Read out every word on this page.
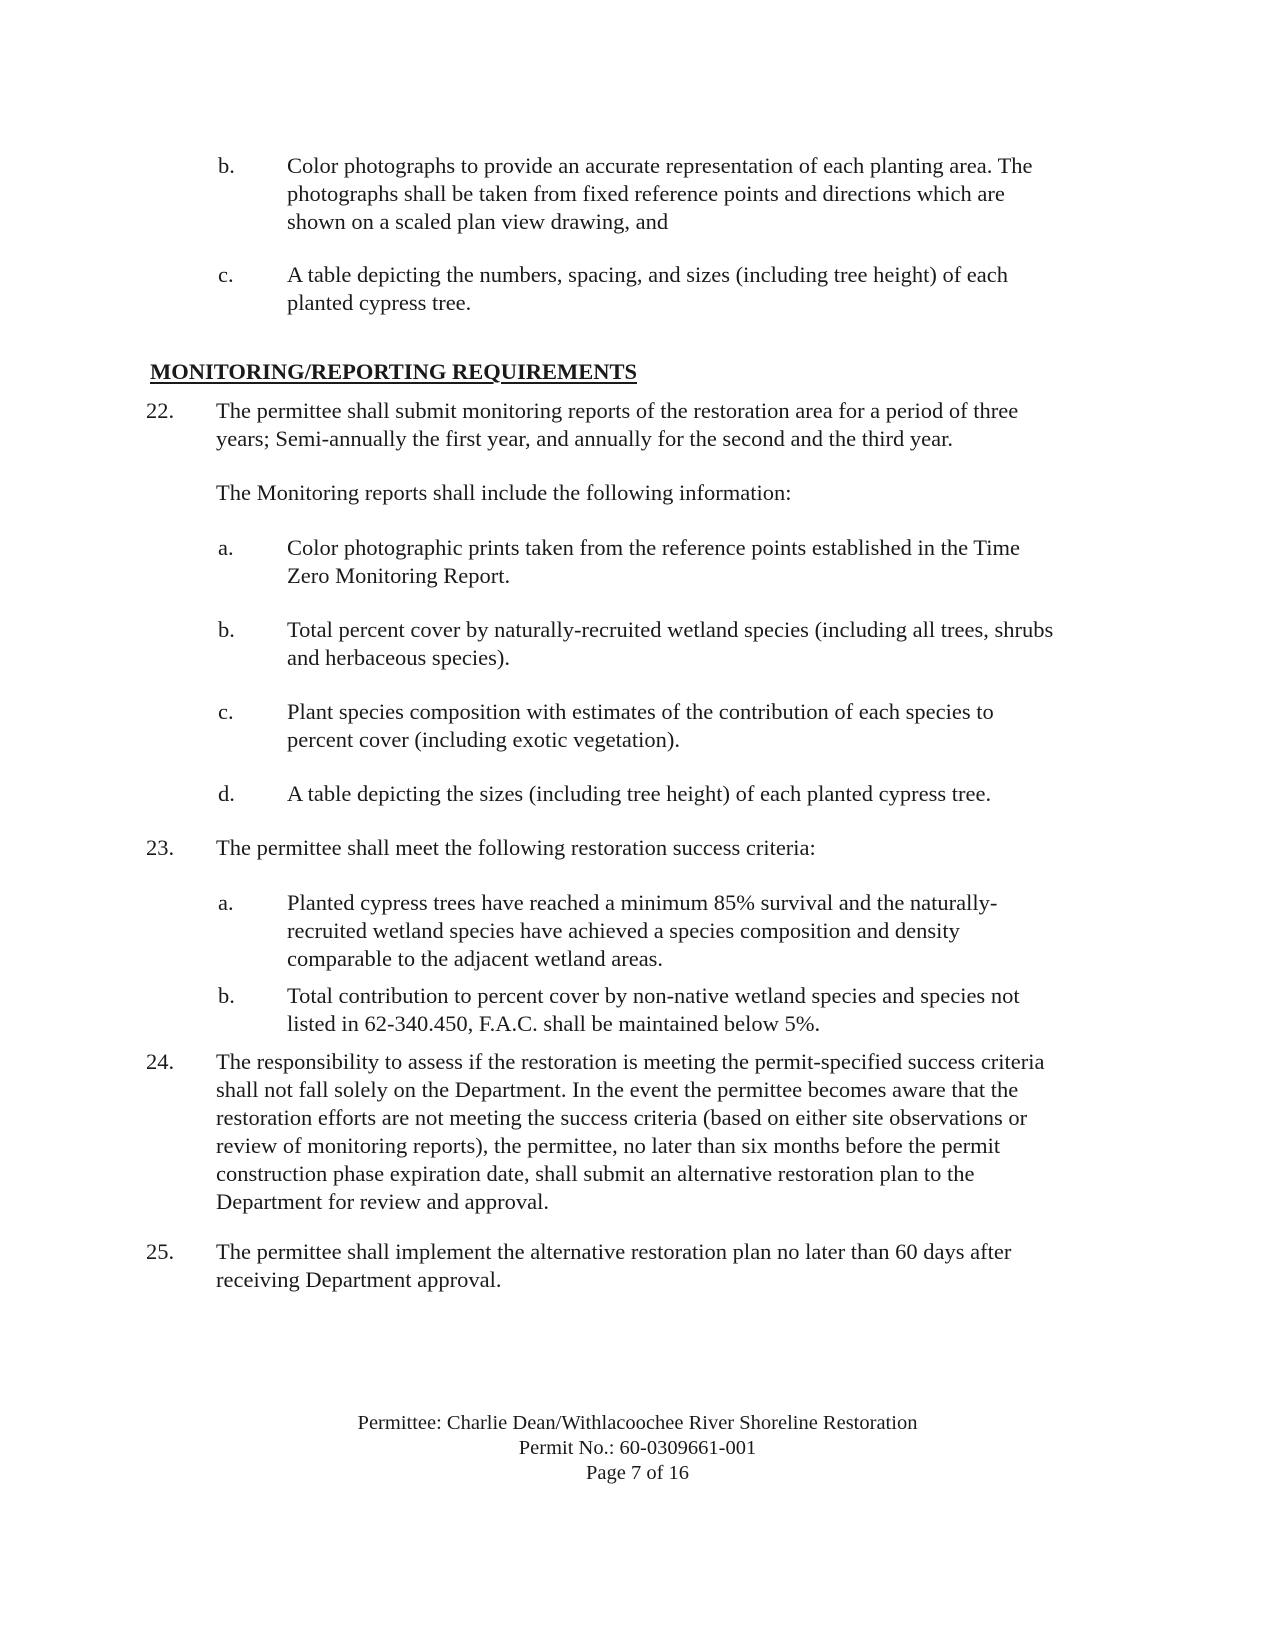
b. Color photographs to provide an accurate representation of each planting area. The photographs shall be taken from fixed reference points and directions which are shown on a scaled plan view drawing, and
c. A table depicting the numbers, spacing, and sizes (including tree height) of each planted cypress tree.
MONITORING/REPORTING REQUIREMENTS
22. The permittee shall submit monitoring reports of the restoration area for a period of three years; Semi-annually the first year, and annually for the second and the third year.
The Monitoring reports shall include the following information:
a. Color photographic prints taken from the reference points established in the Time Zero Monitoring Report.
b. Total percent cover by naturally-recruited wetland species (including all trees, shrubs and herbaceous species).
c. Plant species composition with estimates of the contribution of each species to percent cover (including exotic vegetation).
d. A table depicting the sizes (including tree height) of each planted cypress tree.
23. The permittee shall meet the following restoration success criteria:
a. Planted cypress trees have reached a minimum 85% survival and the naturally-recruited wetland species have achieved a species composition and density comparable to the adjacent wetland areas.
b. Total contribution to percent cover by non-native wetland species and species not listed in 62-340.450, F.A.C. shall be maintained below 5%.
24. The responsibility to assess if the restoration is meeting the permit-specified success criteria shall not fall solely on the Department. In the event the permittee becomes aware that the restoration efforts are not meeting the success criteria (based on either site observations or review of monitoring reports), the permittee, no later than six months before the permit construction phase expiration date, shall submit an alternative restoration plan to the Department for review and approval.
25. The permittee shall implement the alternative restoration plan no later than 60 days after receiving Department approval.
Permittee: Charlie Dean/Withlacoochee River Shoreline Restoration
Permit No.: 60-0309661-001
Page 7 of 16
